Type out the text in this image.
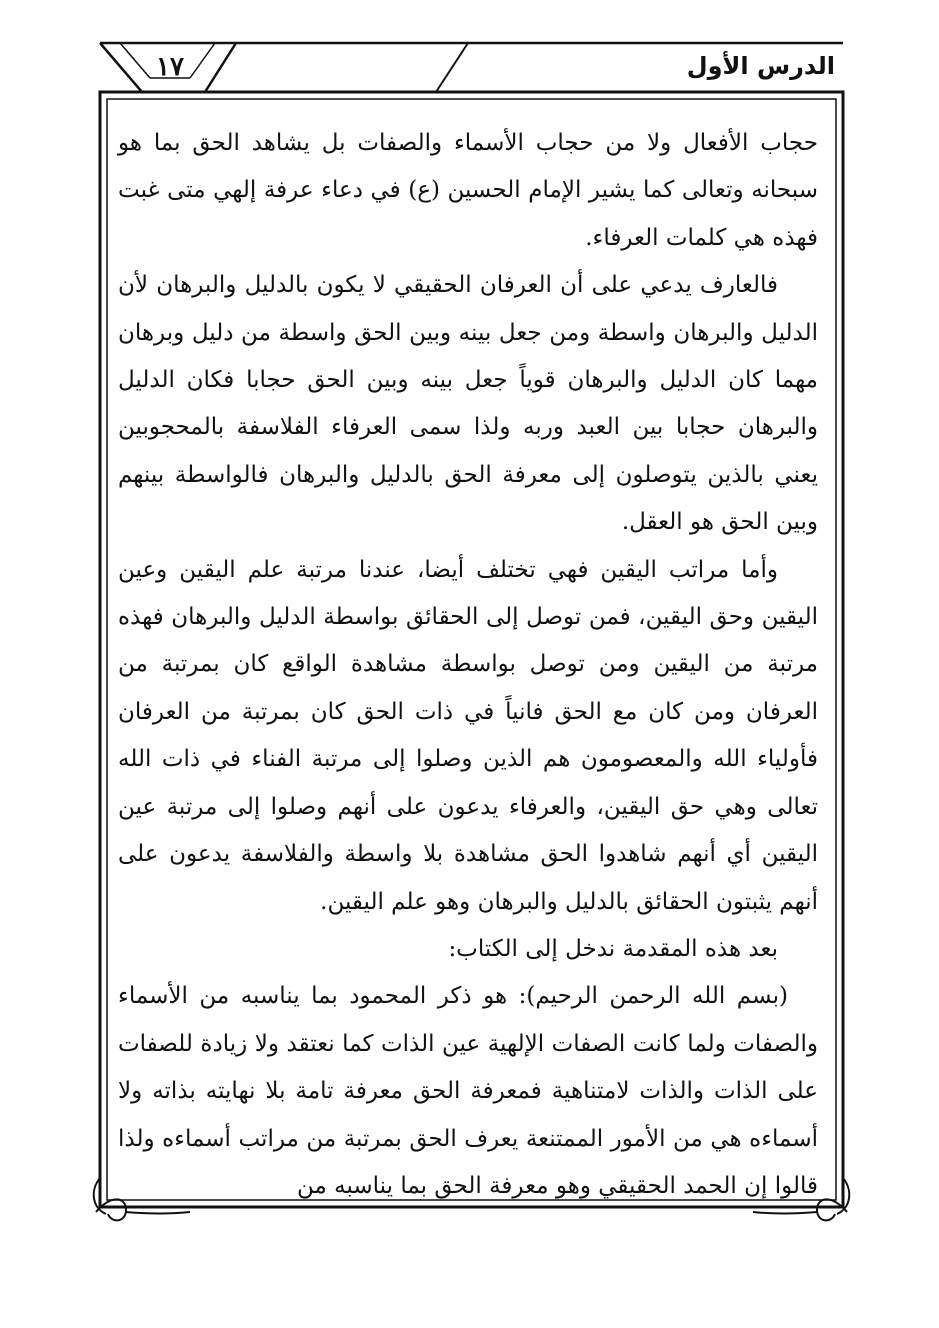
١٧	الدرس الأول

حجاب الأفعال ولا من حجاب الأسماء والصفات بل يشاهد الحق بما هو سبحانه وتعالى كما يشير الإمام الحسين (ع) في دعاء عرفة إلهي متى غبت فهذه هي كلمات العرفاء.

فالعارف يدعي على أن العرفان الحقيقي لا يكون بالدليل والبرهان لأن الدليل والبرهان واسطة ومن جعل بينه وبين الحق واسطة من دليل وبرهان مهما كان الدليل والبرهان قوياً جعل بينه وبين الحق حجابا فكان الدليل والبرهان حجابا بين العبد وربه ولذا سمى العرفاء الفلاسفة بالمحجوبين يعني بالذين يتوصلون إلى معرفة الحق بالدليل والبرهان فالواسطة بينهم وبين الحق هو العقل.

وأما مراتب اليقين فهي تختلف أيضا، عندنا مرتبة علم اليقين وعين اليقين وحق اليقين، فمن توصل إلى الحقائق بواسطة الدليل والبرهان فهذه مرتبة من اليقين ومن توصل بواسطة مشاهدة الواقع كان بمرتبة من العرفان ومن كان مع الحق فانياً في ذات الحق كان بمرتبة من العرفان فأولياء الله والمعصومون هم الذين وصلوا إلى مرتبة الفناء في ذات الله تعالى وهي حق اليقين، والعرفاء يدعون على أنهم وصلوا إلى مرتبة عين اليقين أي أنهم شاهدوا الحق مشاهدة بلا واسطة والفلاسفة يدعون على أنهم يثبتون الحقائق بالدليل والبرهان وهو علم اليقين.

بعد هذه المقدمة ندخل إلى الكتاب:

(بسم الله الرحمن الرحيم): هو ذكر المحمود بما يناسبه من الأسماء والصفات ولما كانت الصفات الإلهية عين الذات كما نعتقد ولا زيادة للصفات على الذات والذات لامتناهية فمعرفة الحق معرفة تامة بلا نهايته بذاته ولا أسماءه هي من الأمور الممتنعة يعرف الحق بمرتبة من مراتب أسماءه ولذا قالوا إن الحمد الحقيقي وهو معرفة الحق بما يناسبه من
